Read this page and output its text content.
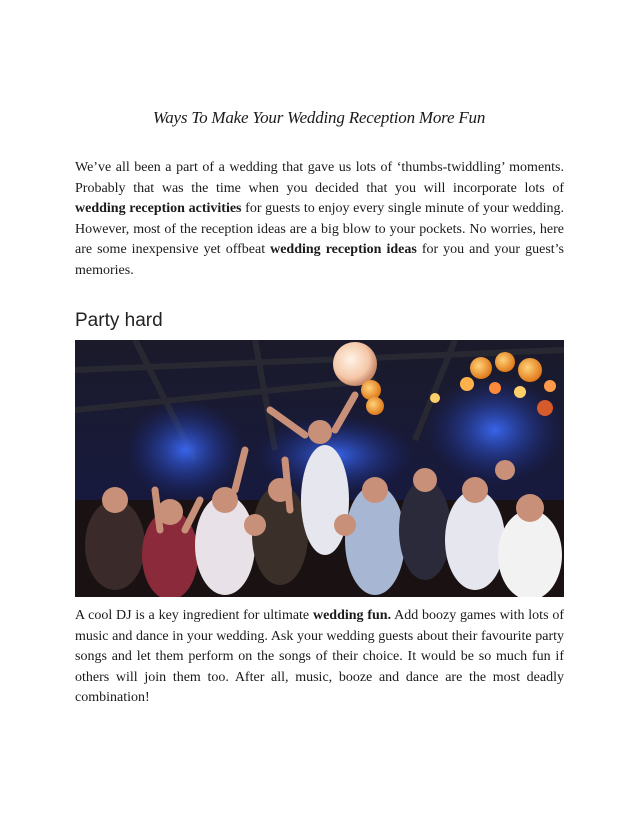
Ways To Make Your Wedding Reception More Fun

We’ve all been a part of a wedding that gave us lots of ‘thumbs-twiddling’ moments. Probably that was the time when you decided that you will incorporate lots of wedding reception activities for guests to enjoy every single minute of your wedding. However, most of the reception ideas are a big blow to your pockets. No worries, here are some inexpensive yet offbeat wedding reception ideas for you and your guest’s memories.

Party hard

A cool DJ is a key ingredient for ultimate wedding fun. Add boozy games with lots of music and dance in your wedding. Ask your wedding guests about their favourite party songs and let them perform on the songs of their choice. It would be so much fun if others will join them too. After all, music, booze and dance are the most deadly combination!
